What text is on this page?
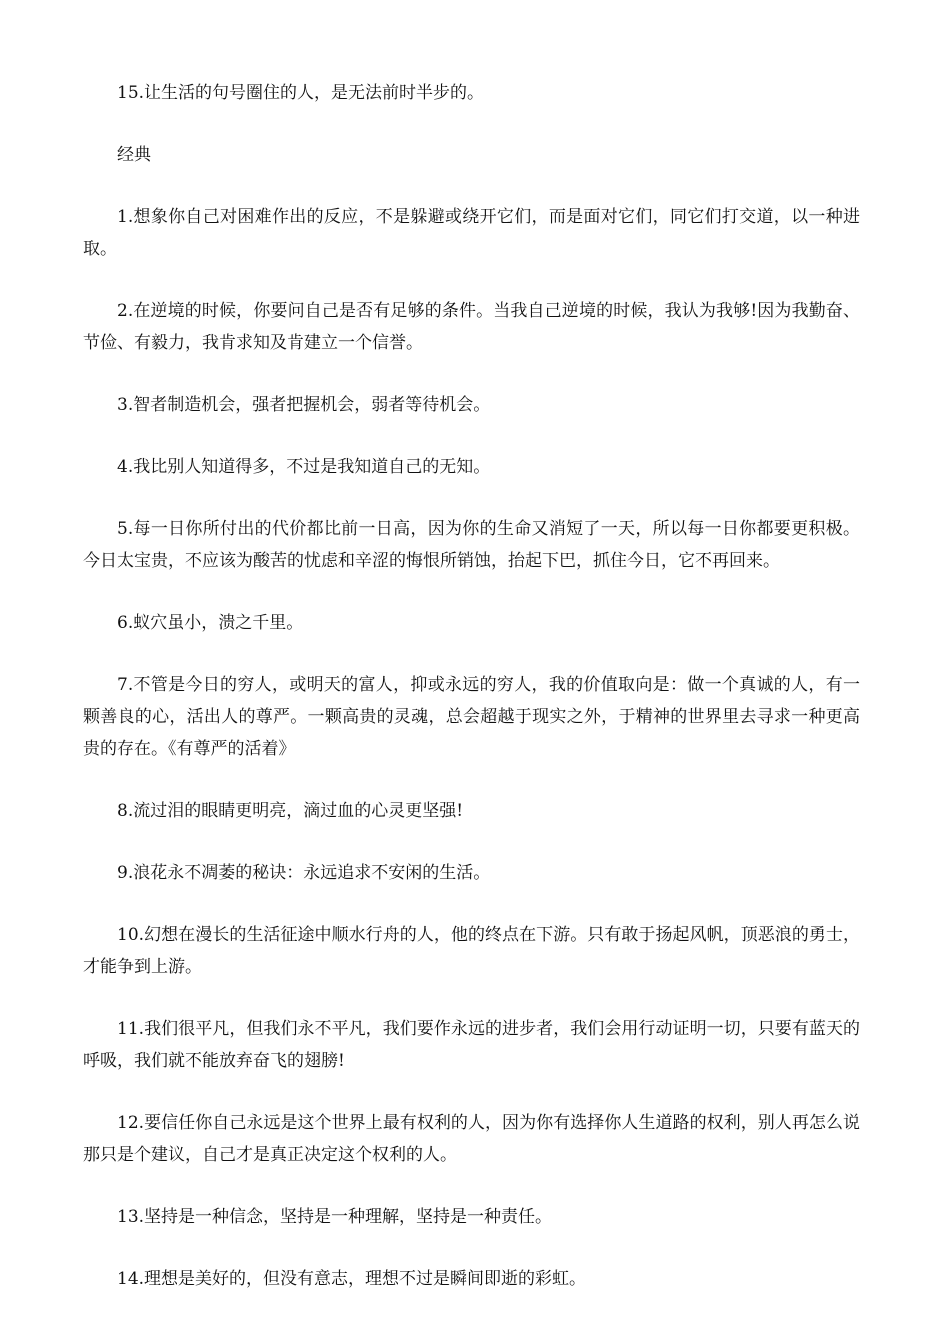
15.让生活的句号圈住的人，是无法前时半步的。

经典

1.想象你自己对困难作出的反应，不是躲避或绕开它们，而是面对它们，同它们打交道，以一种进取。

2.在逆境的时候，你要问自己是否有足够的条件。当我自己逆境的时候，我认为我够!因为我勤奋、节俭、有毅力，我肯求知及肯建立一个信誉。

3.智者制造机会，强者把握机会，弱者等待机会。

4.我比别人知道得多，不过是我知道自己的无知。

5.每一日你所付出的代价都比前一日高，因为你的生命又消短了一天，所以每一日你都要更积极。今日太宝贵，不应该为酸苦的忧虑和辛涩的悔恨所销蚀，抬起下巴，抓住今日，它不再回来。

6.蚁穴虽小，溃之千里。

7.不管是今日的穷人，或明天的富人，抑或永远的穷人，我的价值取向是：做一个真诚的人，有一颗善良的心，活出人的尊严。一颗高贵的灵魂，总会超越于现实之外，于精神的世界里去寻求一种更高贵的存在。《有尊严的活着》

8.流过泪的眼睛更明亮，滴过血的心灵更坚强!

9.浪花永不凋萎的秘诀：永远追求不安闲的生活。

10.幻想在漫长的生活征途中顺水行舟的人，他的终点在下游。只有敢于扬起风帆，顶恶浪的勇士，才能争到上游。

11.我们很平凡，但我们永不平凡，我们要作永远的进步者，我们会用行动证明一切，只要有蓝天的呼吸，我们就不能放弃奋飞的翅膀!

12.要信任你自己永远是这个世界上最有权利的人，因为你有选择你人生道路的权利，别人再怎么说那只是个建议，自己才是真正决定这个权利的人。

13.坚持是一种信念，坚持是一种理解，坚持是一种责任。

14.理想是美好的，但没有意志，理想不过是瞬间即逝的彩虹。
